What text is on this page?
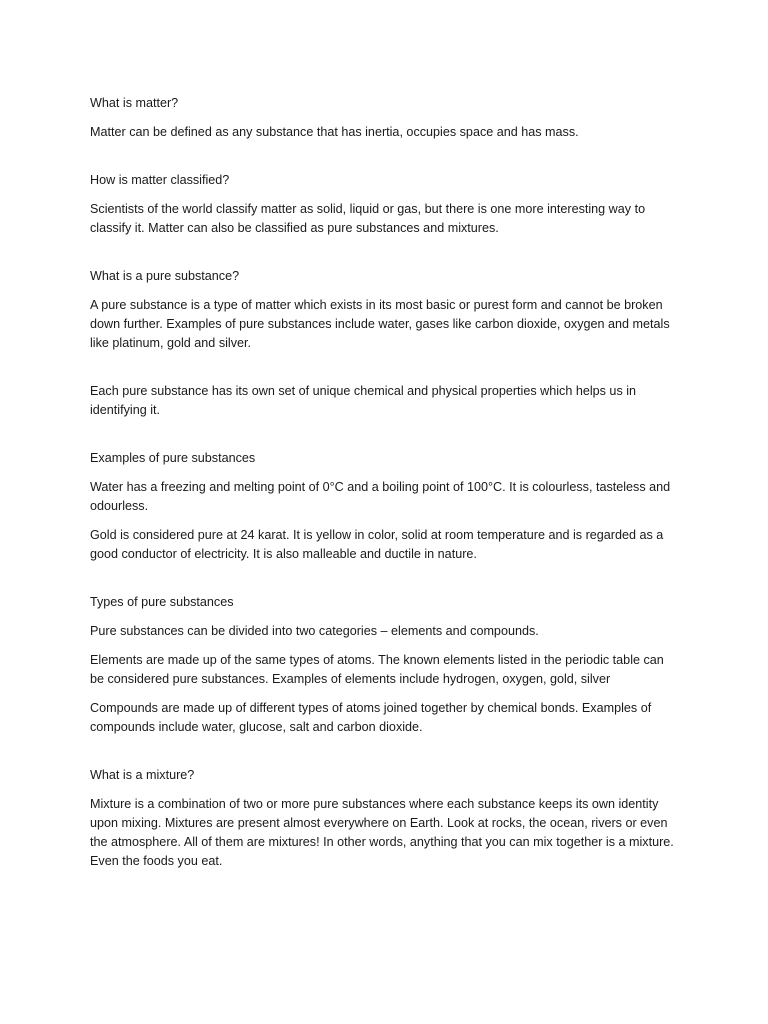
What is matter?

Matter can be defined as any substance that has inertia, occupies space and has mass.

How is matter classified?

Scientists of the world classify matter as solid, liquid or gas, but there is one more interesting way to classify it. Matter can also be classified as pure substances and mixtures.

What is a pure substance?

A pure substance is a type of matter which exists in its most basic or purest form and cannot be broken down further. Examples of pure substances include water, gases like carbon dioxide, oxygen and metals like platinum, gold and silver.

Each pure substance has its own set of unique chemical and physical properties which helps us in identifying it.

Examples of pure substances

Water has a freezing and melting point of 0°C and a boiling point of 100°C. It is colourless, tasteless and odourless.

Gold is considered pure at 24 karat. It is yellow in color, solid at room temperature and is regarded as a good conductor of electricity. It is also malleable and ductile in nature.

Types of pure substances

Pure substances can be divided into two categories – elements and compounds.

Elements are made up of the same types of atoms. The known elements listed in the periodic table can be considered pure substances. Examples of elements include hydrogen, oxygen, gold, silver

Compounds are made up of different types of atoms joined together by chemical bonds. Examples of compounds include water, glucose, salt and carbon dioxide.

What is a mixture?

Mixture is a combination of two or more pure substances where each substance keeps its own identity upon mixing. Mixtures are present almost everywhere on Earth. Look at rocks, the ocean, rivers or even the atmosphere. All of them are mixtures! In other words, anything that you can mix together is a mixture. Even the foods you eat.
